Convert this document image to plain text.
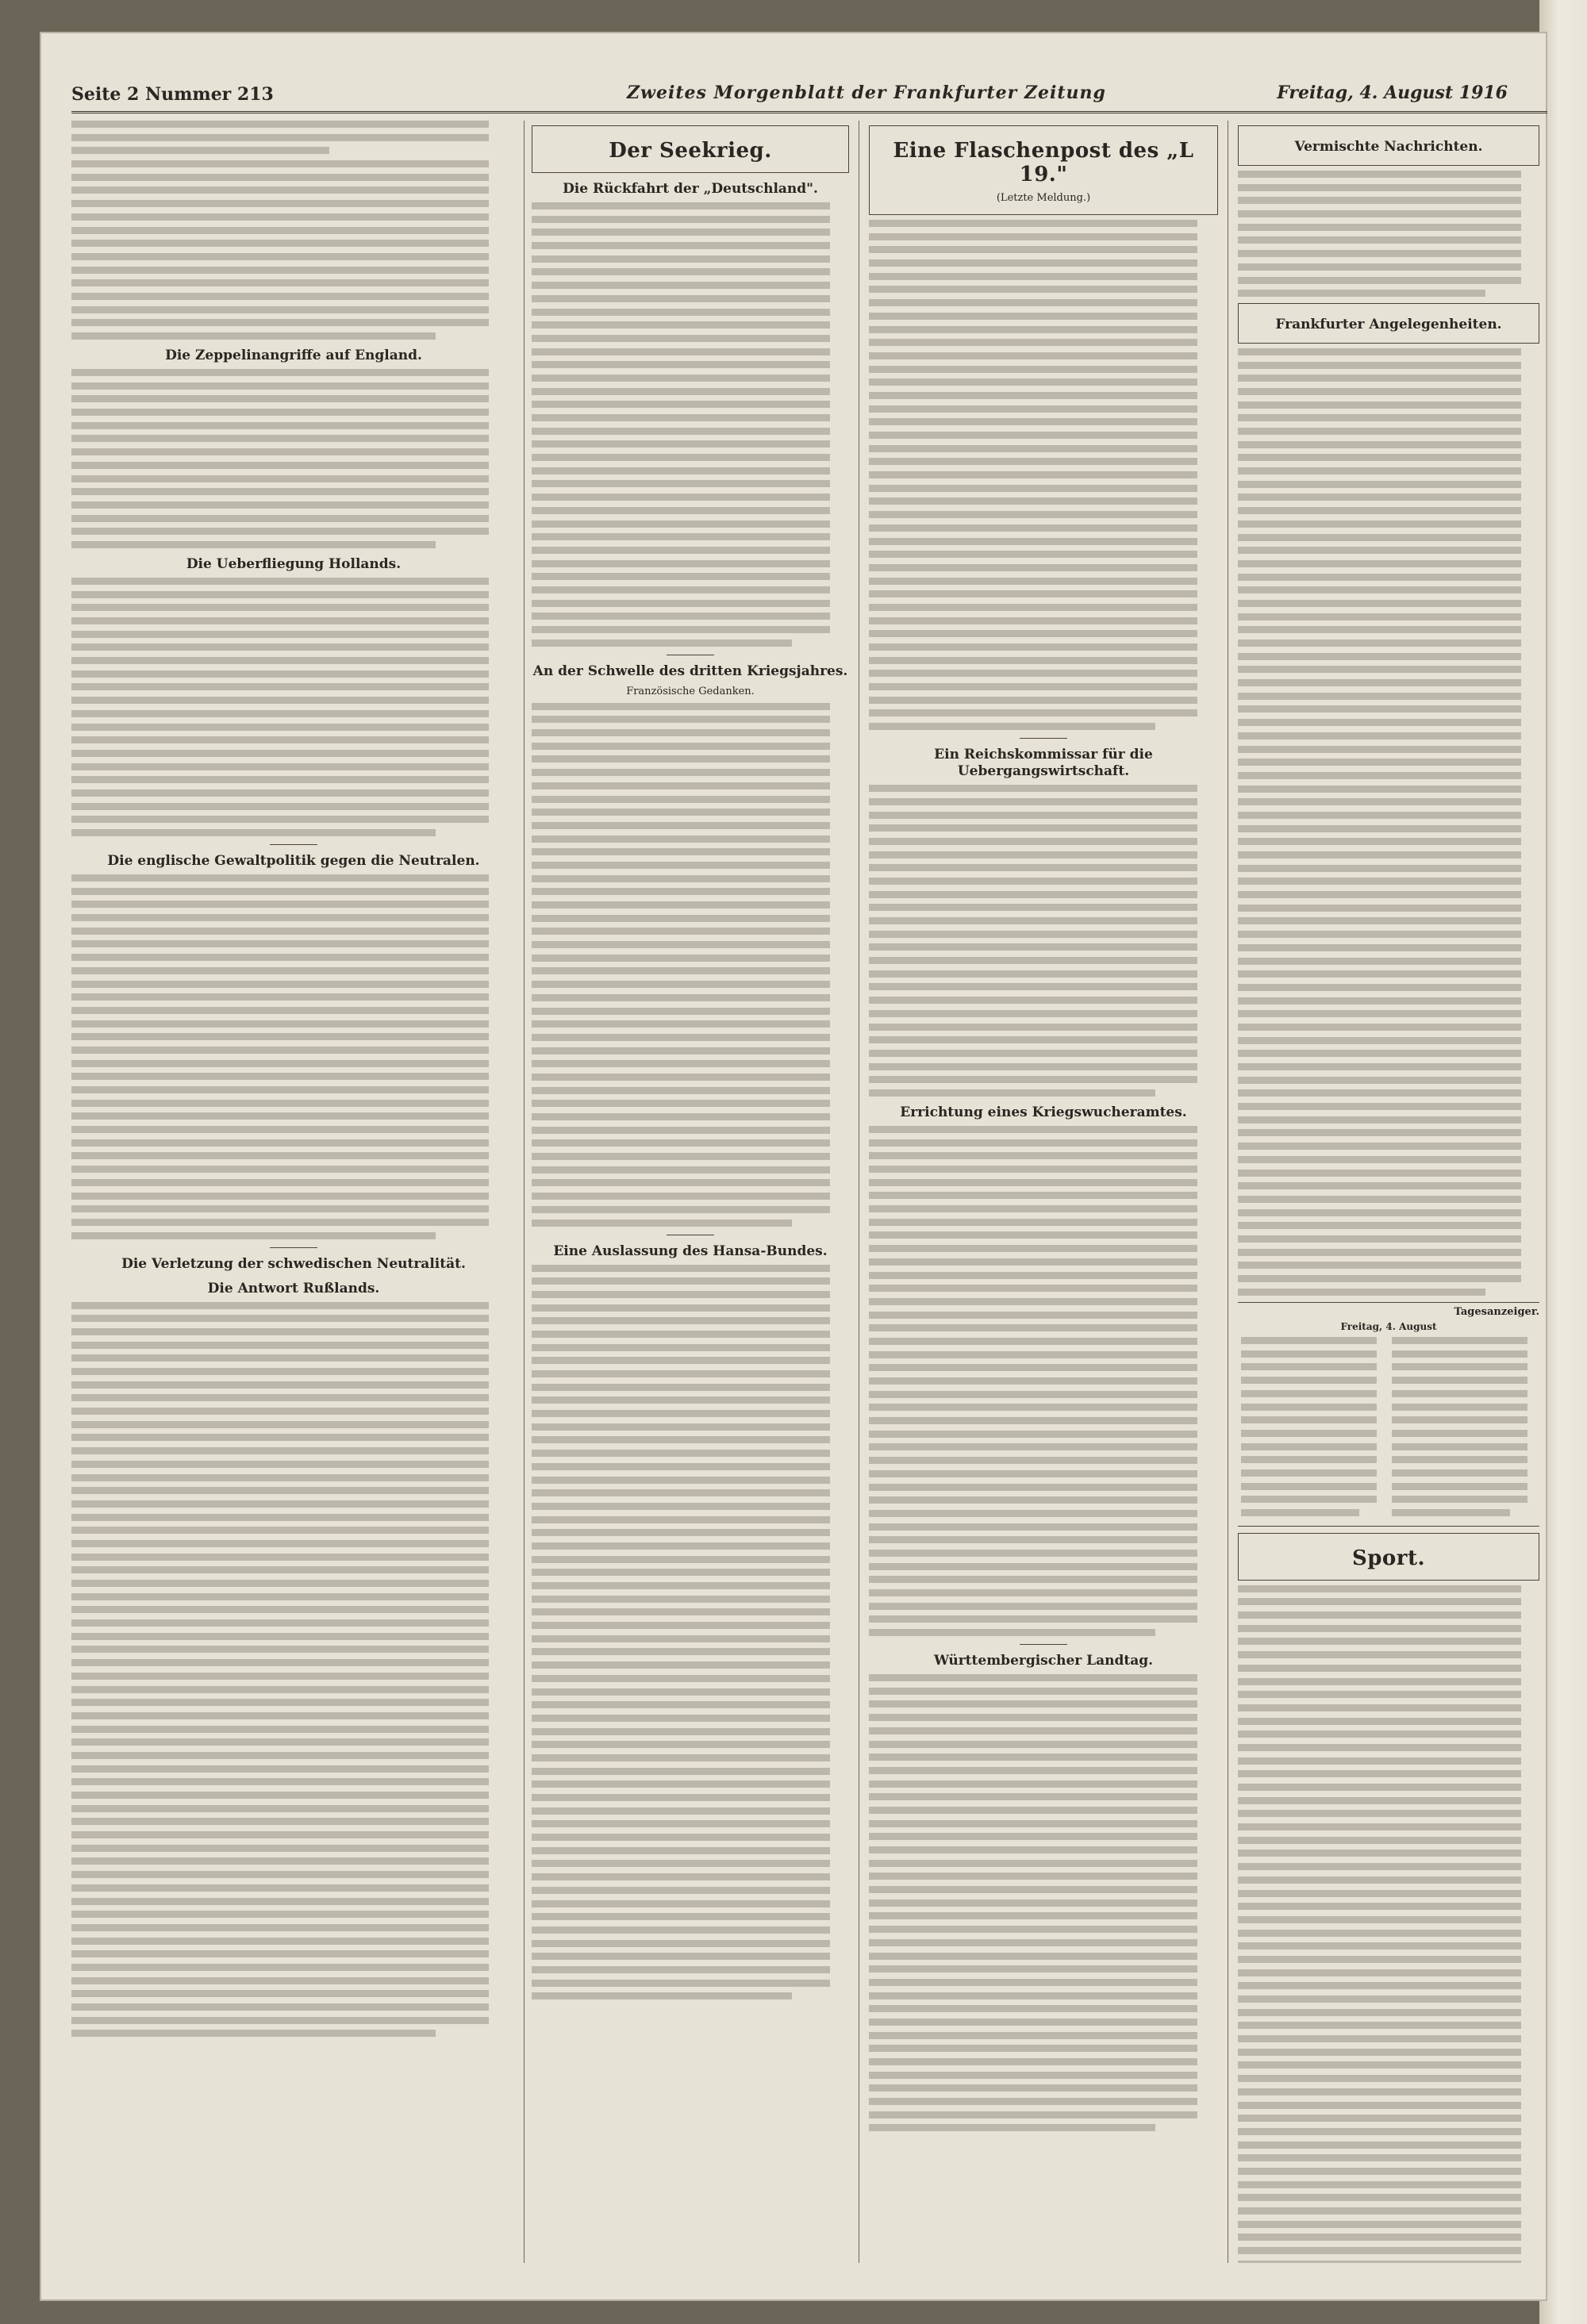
Seite 2 Nummer 213	Zweites Morgenblatt der Frankfurter Zeitung	Freitag, 4. August 1916
Die Zeppelinangriffe auf England.
Die Ueberfliegung Hollands.
Die englische Gewaltpolitik gegen die Neutralen.
Die Verletzung der schwedischen Neutralität.
Die Antwort Rußlands.
Der Seekrieg.
Die Rückfahrt der „Deutschland".
An der Schwelle des dritten Kriegsjahres.
Französische Gedanken.
Eine Auslassung des Hansa-Bundes.
Eine Flaschenpost des „L 19."
(Letzte Meldung.)
Ein Reichskommissar für die Uebergangswirtschaft.
Errichtung eines Kriegswucheramtes.
Württembergischer Landtag.
Vermischte Nachrichten.
Frankfurter Angelegenheiten.
Tagesanzeiger.
Freitag, 4. August
Sport.
